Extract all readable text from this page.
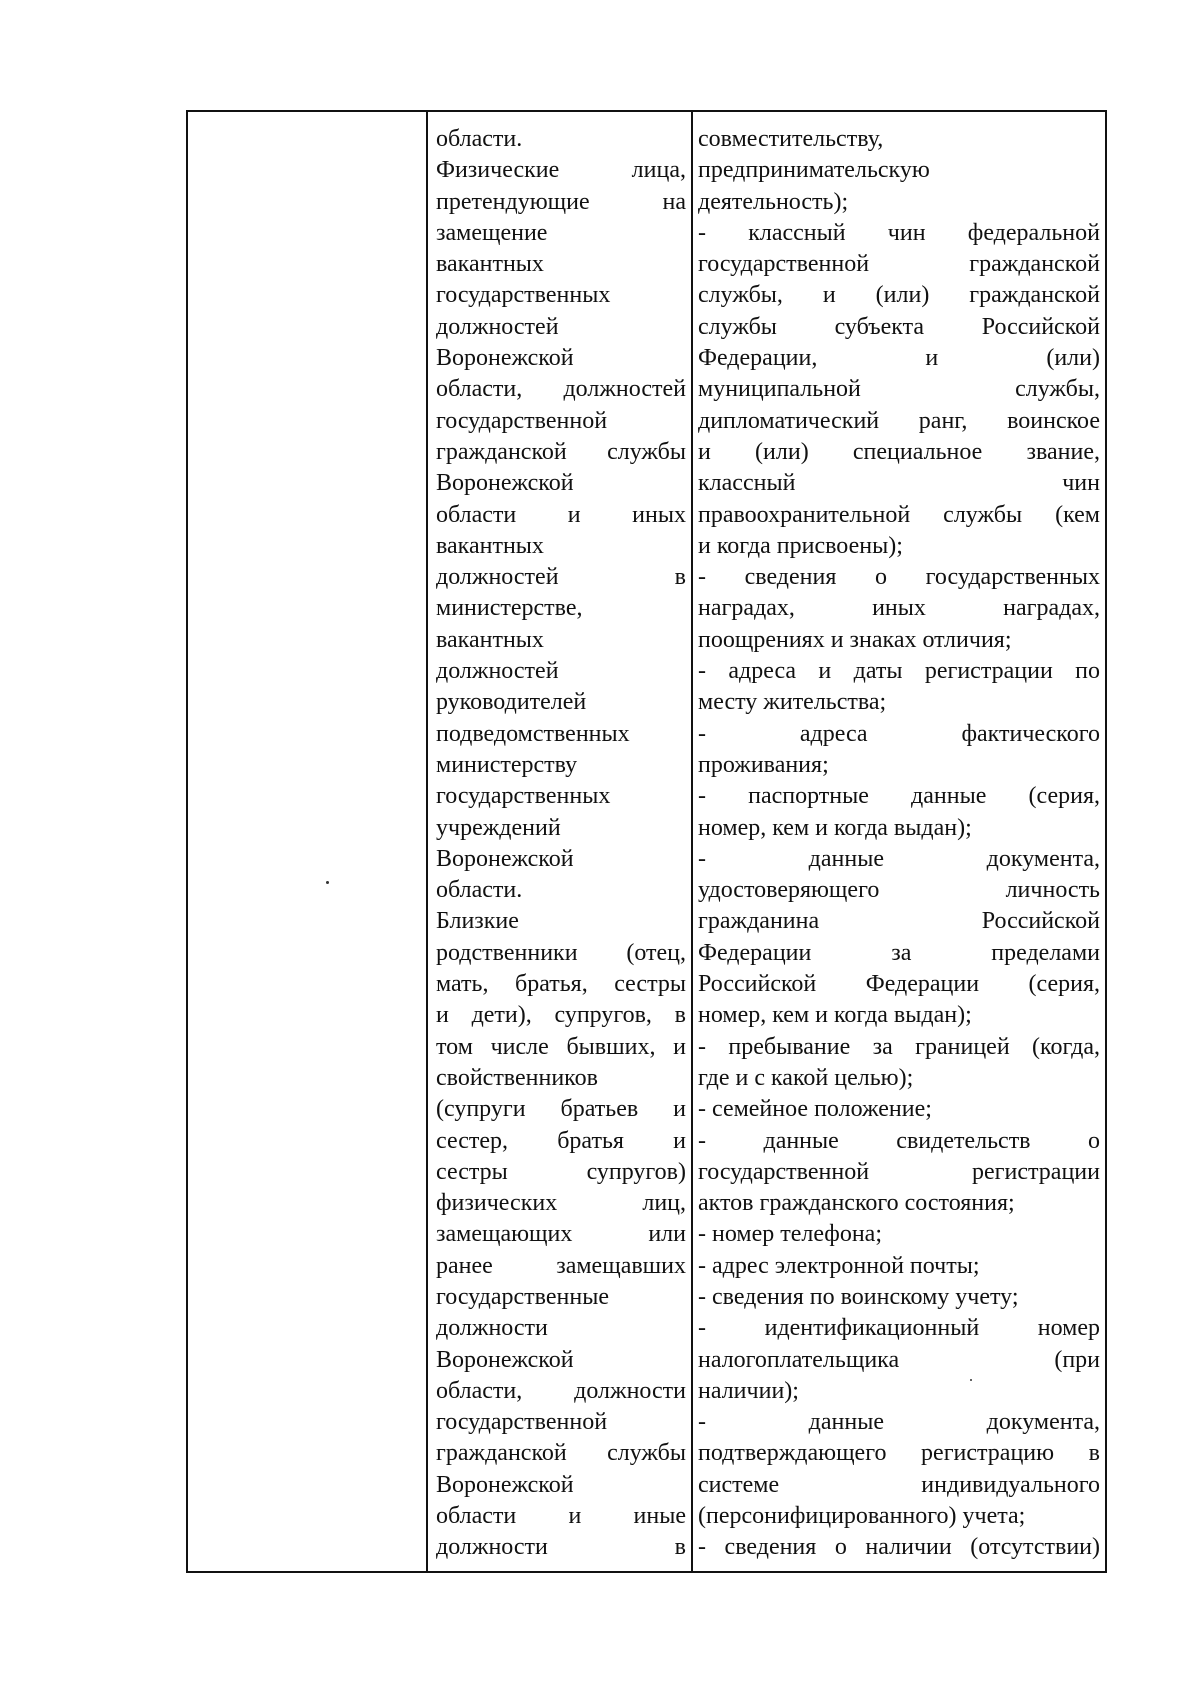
области.
Физические лица,
претендующие на
замещение
вакантных
государственных
должностей
Воронежской
области, должностей
государственной
гражданской службы
Воронежской
области и иных
вакантных
должностей в
министерстве,
вакантных
должностей
руководителей
подведомственных
министерству
государственных
учреждений
Воронежской
области.
Близкие
родственники (отец,
мать, братья, сестры
и дети), супругов, в
том числе бывших, и
свойственников
(супруги братьев и
сестер, братья и
сестры супругов)
физических лиц,
замещающих или
ранее замещавших
государственные
должности
Воронежской
области, должности
государственной
гражданской службы
Воронежской
области и иные
должности в
совместительству,
предпринимательскую
деятельность);
- классный чин федеральной
государственной гражданской
службы, и (или) гражданской
службы субъекта Российской
Федерации, и (или)
муниципальной службы,
дипломатический ранг, воинское
и (или) специальное звание,
классный чин
правоохранительной службы (кем
и когда присвоены);
- сведения о государственных
наградах, иных наградах,
поощрениях и знаках отличия;
- адреса и даты регистрации по
месту жительства;
- адреса фактического
проживания;
- паспортные данные (серия,
номер, кем и когда выдан);
- данные документа,
удостоверяющего личность
гражданина Российской
Федерации за пределами
Российской Федерации (серия,
номер, кем и когда выдан);
- пребывание за границей (когда,
где и с какой целью);
- семейное положение;
- данные свидетельств о
государственной регистрации
актов гражданского состояния;
- номер телефона;
- адрес электронной почты;
- сведения по воинскому учету;
- идентификационный номер
налогоплательщика (при
наличии);
- данные документа,
подтверждающего регистрацию в
системе индивидуального
(персонифицированного) учета;
- сведения о наличии (отсутствии)
